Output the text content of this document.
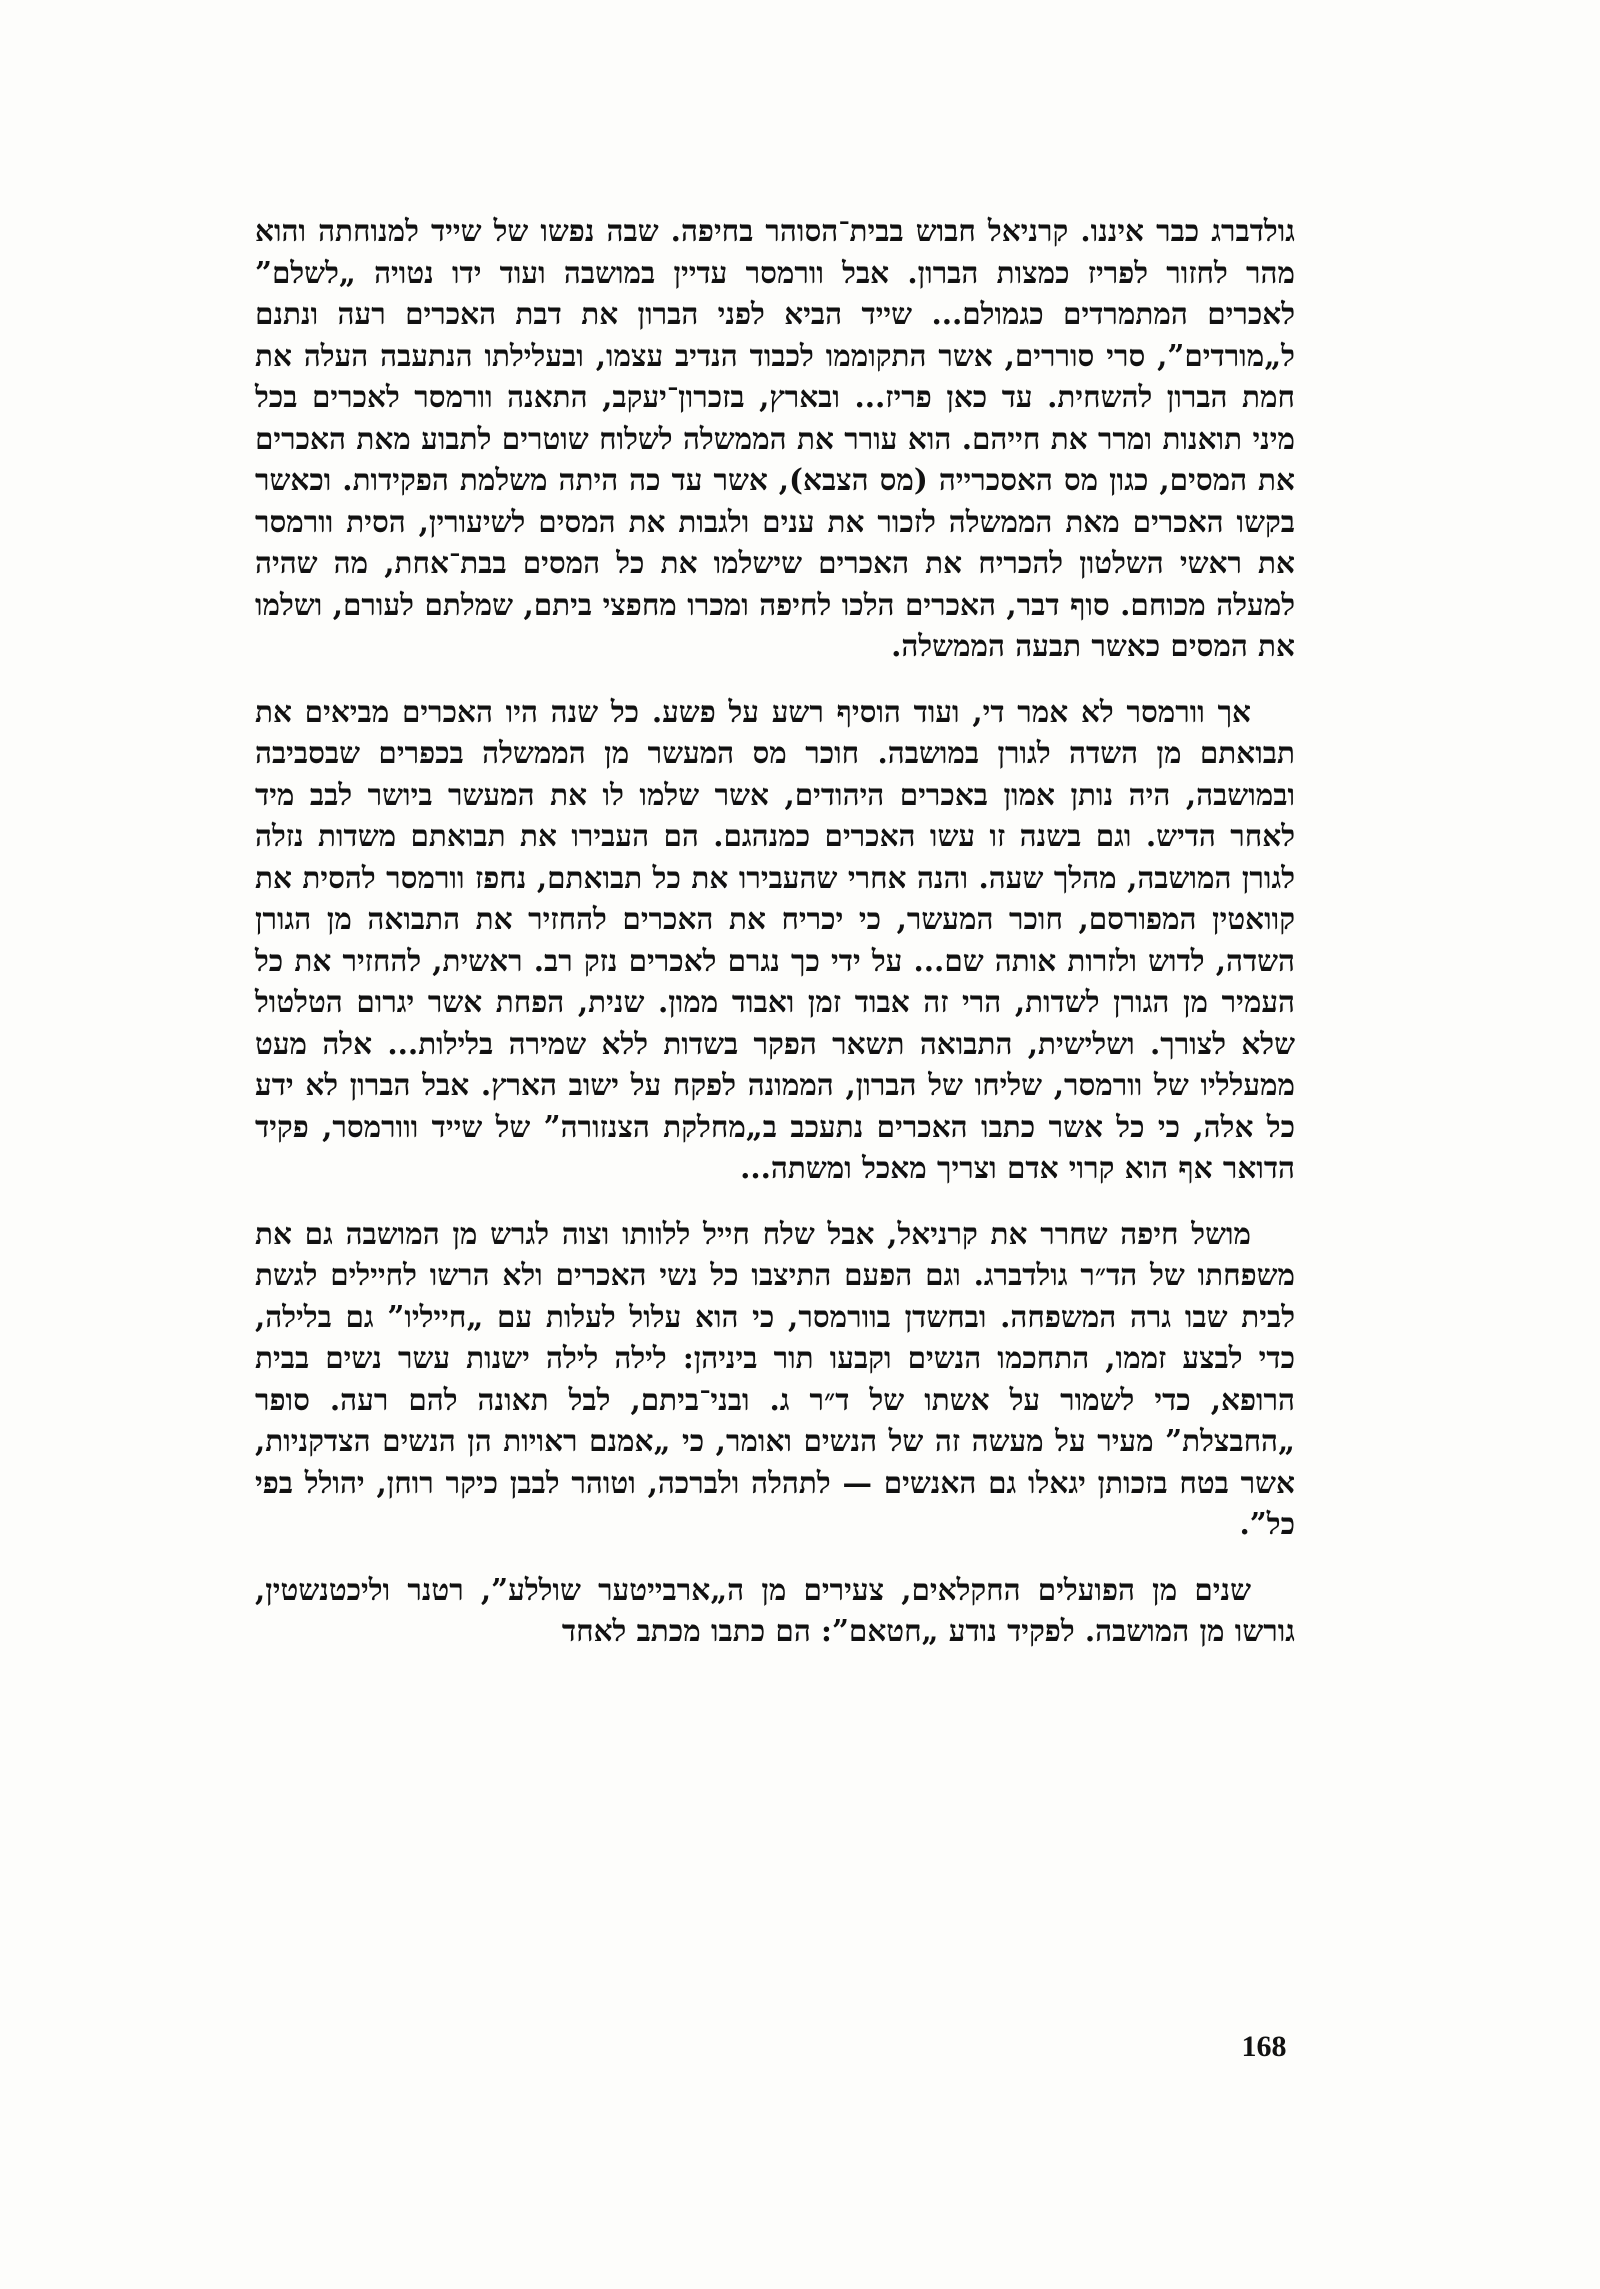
גולדברג כבר איננו. קרניאל חבוש בבית־הסוהר בחיפה. שבה נפשו של שייד למנוחתה והוא מהר לחזור לפריז כמצות הברון. אבל וורמסר עדיין במושבה ועוד ידו נטויה „לשלם” לאכרים המתמרדים כגמולם... שייד הביא לפני הברון את דבת האכרים רעה ונתנם ל„מורדים”, סרי סוררים, אשר התקוממו לכבוד הנדיב עצמו, ובעלילתו הנתעבה העלה את חמת הברון להשחית. עד כאן פריז... ובארץ, בזכרון־יעקב, התאנה וורמסר לאכרים בכל מיני תואנות ומרר את חייהם. הוא עורר את הממשלה לשלוח שוטרים לתבוע מאת האכרים את המסים, כגון מס האסכרייה (מס הצבא), אשר עד כה היתה משלמת הפקידות. וכאשר בקשו האכרים מאת הממשלה לזכור את ענים ולגבות את המסים לשיעורין, הסית וורמסר את ראשי השלטון להכריח את האכרים שישלמו את כל המסים בבת־אחת, מה שהיה למעלה מכוחם. סוף דבר, האכרים הלכו לחיפה ומכרו מחפצי ביתם, שמלתם לעורם, ושלמו את המסים כאשר תבעה הממשלה.

אך וורמסר לא אמר די, ועוד הוסיף רשע על פשע. כל שנה היו האכרים מביאים את תבואתם מן השדה לגורן במושבה. חוכר מס המעשר מן הממשלה בכפרים שבסביבה ובמושבה, היה נותן אמון באכרים היהודים, אשר שלמו לו את המעשר ביושר לבב מיד לאחר הדיש. וגם בשנה זו עשו האכרים כמנהגם. הם העבירו את תבואתם משדות נזלה לגורן המושבה, מהלך שעה. והנה אחרי שהעבירו את כל תבואתם, נחפז וורמסר להסית את קוואטין המפורסם, חוכר המעשר, כי יכריח את האכרים להחזיר את התבואה מן הגורן השדה, לדוש ולזרות אותה שם... על ידי כך נגרם לאכרים נזק רב. ראשית, להחזיר את כל העמיר מן הגורן לשדות, הרי זה אבוד זמן ואבוד ממון. שנית, הפחת אשר יגרום הטלטול שלא לצורך. ושלישית, התבואה תשאר הפקר בשדות ללא שמירה בלילות... אלה מעט ממעלליו של וורמסר, שליחו של הברון, הממונה לפקח על ישוב הארץ. אבל הברון לא ידע כל אלה, כי כל אשר כתבו האכרים נתעכב ב„מחלקת הצנזורה” של שייד ווורמסר, פקיד הדואר אף הוא קרוי אדם וצריך מאכל ומשתה...

מושל חיפה שחרר את קרניאל, אבל שלח חייל ללוותו וצוה לגרש מן המושבה גם את משפחתו של הד״ר גולדברג. וגם הפעם התיצבו כל נשי האכרים ולא הרשו לחיילים לגשת לבית שבו גרה המשפחה. ובחשדן בוורמסר, כי הוא עלול לעלות עם „חייליו” גם בלילה, כדי לבצע זממו, התחכמו הנשים וקבעו תור ביניהן: לילה לילה ישנות עשר נשים בבית הרופא, כדי לשמור על אשתו של ד״ר ג. ובני־ביתם, לבל תאונה להם רעה. סופר „החבצלת” מעיר על מעשה זה של הנשים ואומר, כי „אמנם ראויות הן הנשים הצדקניות, אשר בטח בזכותן יגאלו גם האנשים — לתהלה ולברכה, וטוהר לבבן כיקר רוחן, יהולל בפי כל”.

שנים מן הפועלים החקלאים, צעירים מן ה„ארבייטער שוללע”, רטנר וליכטנשטין, גורשו מן המושבה. לפקיד נודע „חטאם”: הם כתבו מכתב לאחד

168
